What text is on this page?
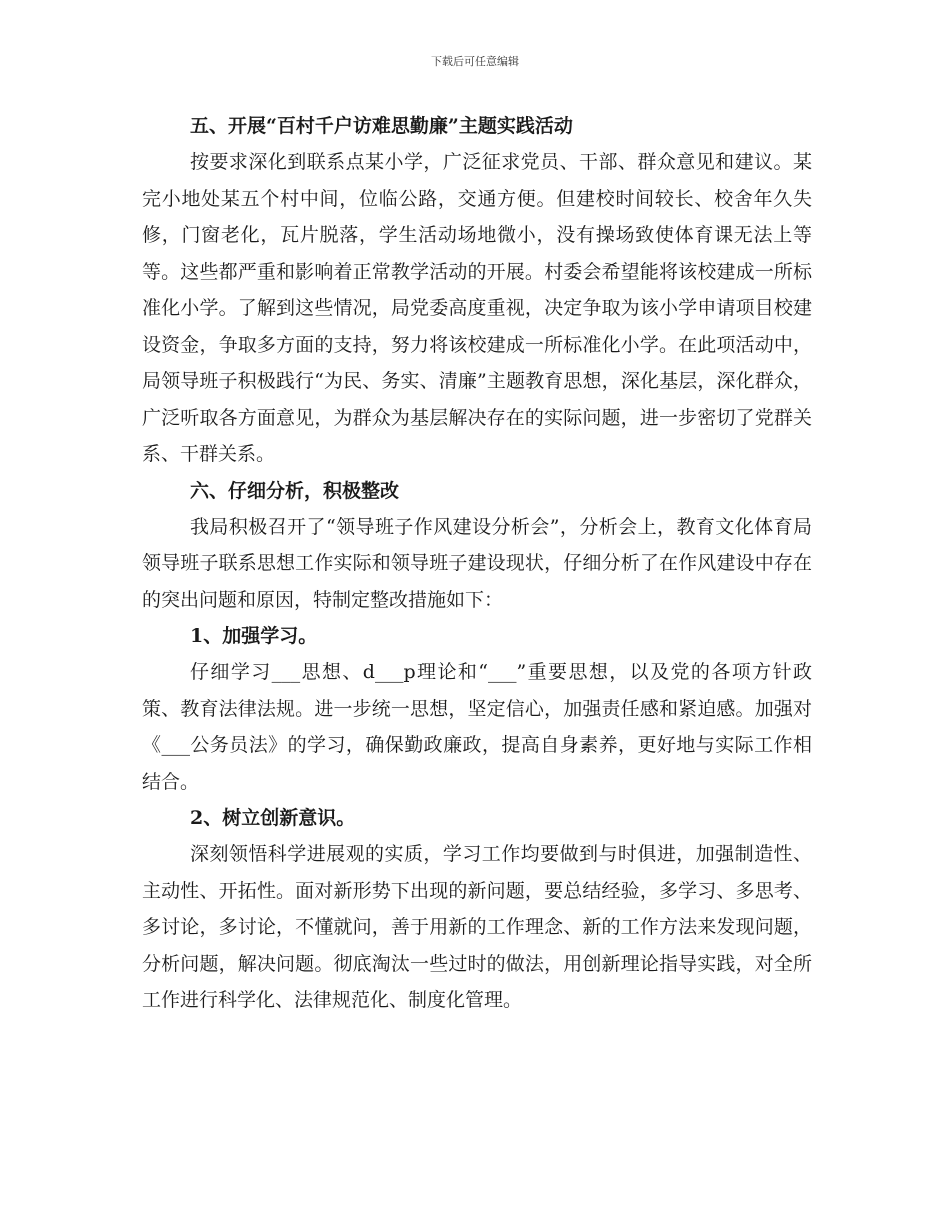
下载后可任意编辑
五、开展“百村千户访难思勤廉”主题实践活动

按要求深化到联系点某小学，广泛征求党员、干部、群众意见和建议。某完小地处某五个村中间，位临公路，交通方便。但建校时间较长、校舍年久失修，门窗老化，瓦片脱落，学生活动场地微小，没有操场致使体育课无法上等等。这些都严重和影响着正常教学活动的开展。村委会希望能将该校建成一所标准化小学。了解到这些情况，局党委高度重视，决定争取为该小学申请项目校建设资金，争取多方面的支持，努力将该校建成一所标准化小学。在此项活动中，局领导班子积极践行“为民、务实、清廉”主题教育思想，深化基层，深化群众，广泛听取各方面意见，为群众为基层解决存在的实际问题，进一步密切了党群关系、干群关系。

六、仔细分析，积极整改

我局积极召开了“领导班子作风建设分析会”，分析会上，教育文化体育局领导班子联系思想工作实际和领导班子建设现状，仔细分析了在作风建设中存在的突出问题和原因，特制定整改措施如下：

1、加强学习。

仔细学习___思想、d___p理论和“___”重要思想，以及党的各项方针政策、教育法律法规。进一步统一思想，坚定信心，加强责任感和紧迫感。加强对《___公务员法》的学习，确保勤政廉政，提高自身素养，更好地与实际工作相结合。

2、树立创新意识。

深刻领悟科学进展观的实质，学习工作均要做到与时俱进，加强制造性、主动性、开拓性。面对新形势下出现的新问题，要总结经验，多学习、多思考、多讨论，多讨论，不懂就问，善于用新的工作理念、新的工作方法来发现问题，分析问题，解决问题。彻底淘汰一些过时的做法，用创新理论指导实践，对全所工作进行科学化、法律规范化、制度化管理。
